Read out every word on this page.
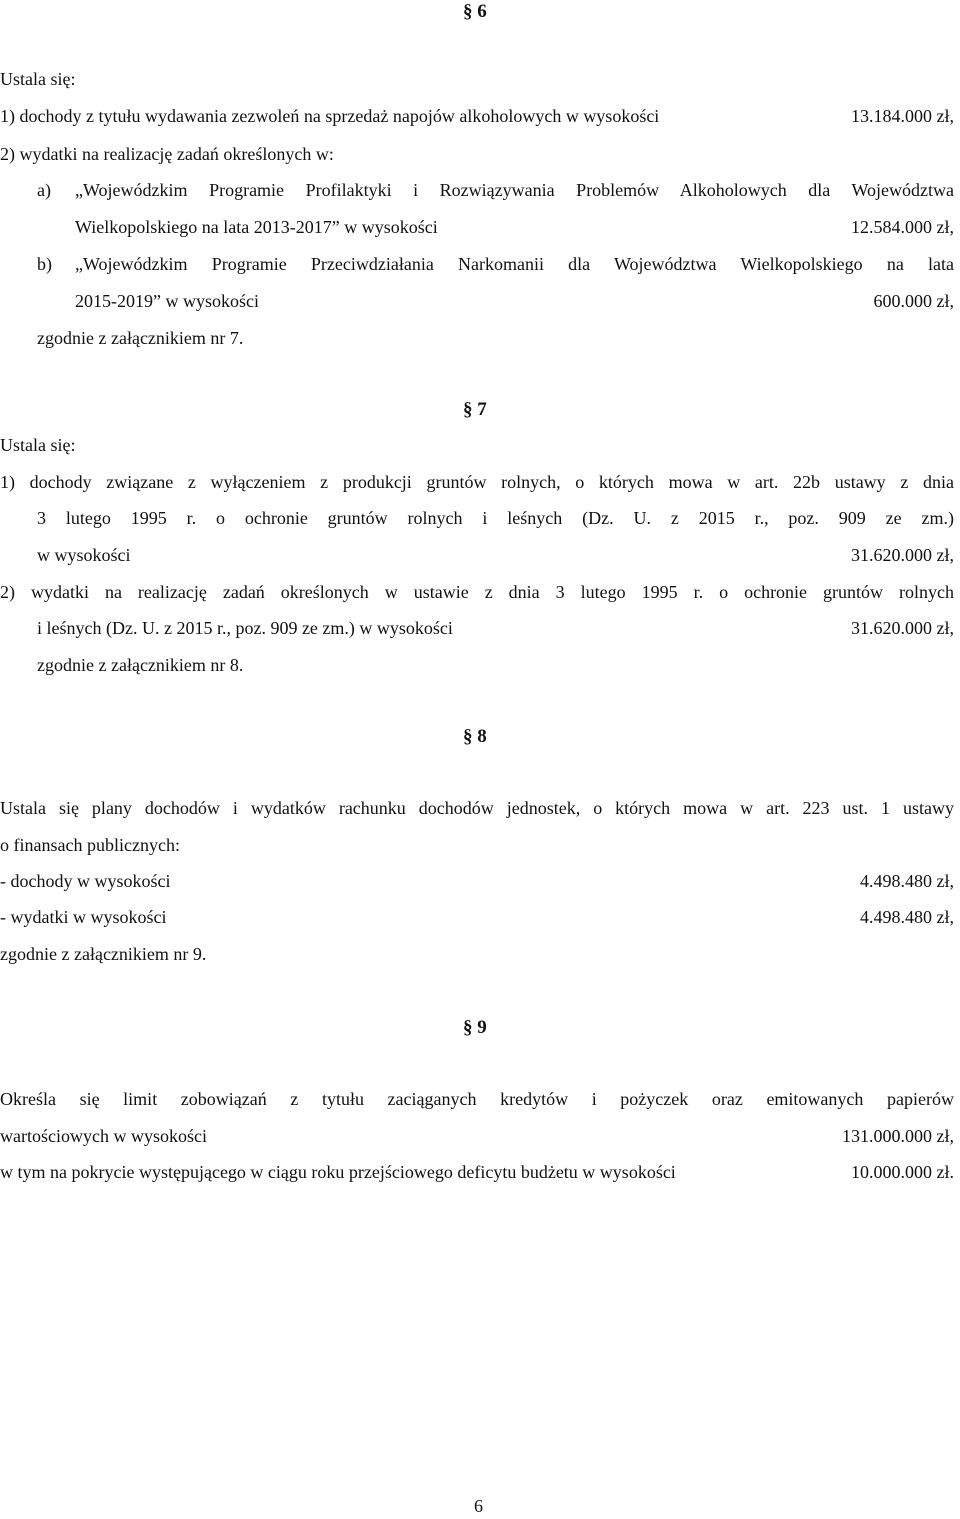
§ 6
Ustala się:
1) dochody z tytułu wydawania zezwoleń na sprzedaż napojów alkoholowych w wysokości	13.184.000 zł,
2) wydatki na realizację zadań określonych w:
a) „Wojewódzkim Programie Profilaktyki i Rozwiązywania Problemów Alkoholowych dla Województwa
Wielkopolskiego na lata 2013-2017” w wysokości	12.584.000 zł,
b) „Wojewódzkim Programie Przeciwdziałania Narkomanii dla Województwa Wielkopolskiego na lata
2015-2019” w wysokości	600.000 zł,
zgodnie z załącznikiem nr 7.
§ 7
Ustala się:
1) dochody związane z wyłączeniem z produkcji gruntów rolnych, o których mowa w art. 22b ustawy z dnia
3 lutego 1995 r. o ochronie gruntów rolnych i leśnych (Dz. U. z 2015 r., poz. 909 ze zm.)
w wysokości	31.620.000 zł,
2) wydatki na realizację zadań określonych w ustawie z dnia 3 lutego 1995 r. o ochronie gruntów rolnych
i leśnych (Dz. U. z 2015 r., poz. 909 ze zm.) w wysokości	31.620.000 zł,
zgodnie z załącznikiem nr 8.
§ 8
Ustala się plany dochodów i wydatków rachunku dochodów jednostek, o których mowa w art. 223 ust. 1 ustawy
o finansach publicznych:
- dochody w wysokości	4.498.480 zł,
- wydatki w wysokości	4.498.480 zł,
zgodnie z załącznikiem nr 9.
§ 9
Określa się limit zobowiązań z tytułu zaciąganych kredytów i pożyczek oraz emitowanych papierów
wartościowych w wysokości	131.000.000 zł,
w tym na pokrycie występującego w ciągu roku przejściowego deficytu budżetu w wysokości	10.000.000 zł.
6
